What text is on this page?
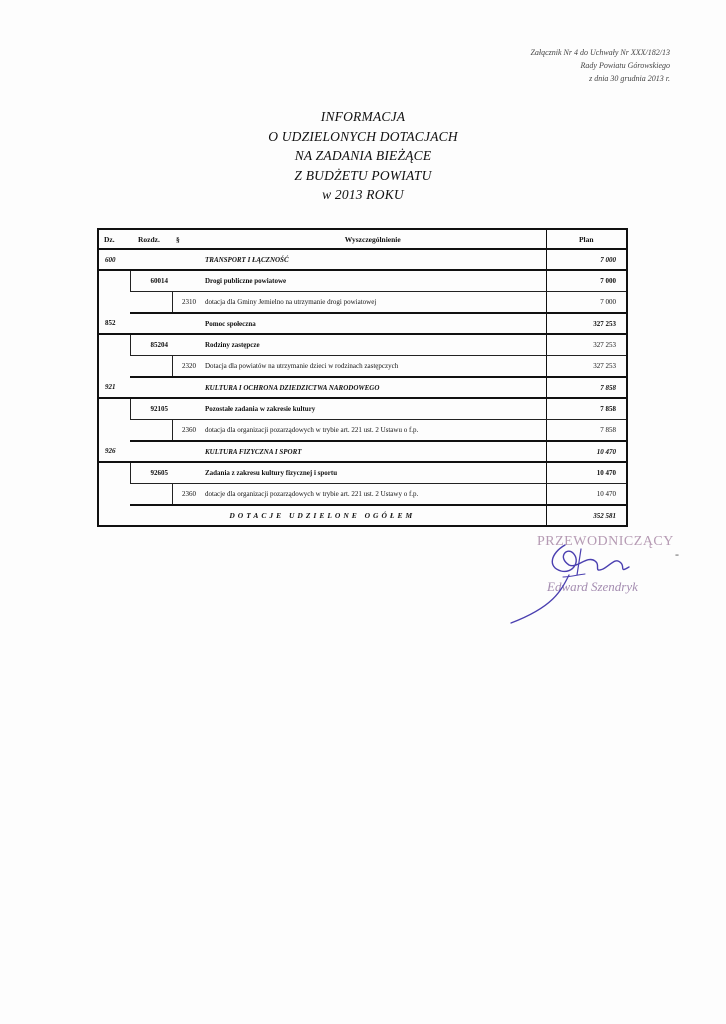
Załącznik Nr 4 do Uchwały Nr XXX/182/13
Rady Powiatu Górowskiego
z dnia 30 grudnia 2013 r.
INFORMACJA
O UDZIELONYCH DOTACJACH
NA ZADANIA BIEŻĄCE
Z BUDŻETU POWIATU
w 2013 ROKU
Dz.	Rozdz.	§	Wyszczególnienie	Plan
600			TRANSPORT I ŁĄCZNOŚĆ	7 000
	60014		Drogi publiczne powiatowe	7 000
		2310	dotacja dla Gminy Jemielno na utrzymanie drogi powiatowej	7 000
852			Pomoc społeczna	327 253
	85204		Rodziny zastępcze	327 253
		2320	Dotacja dla powiatów na utrzymanie dzieci w rodzinach zastępczych	327 253
921			KULTURA I OCHRONA DZIEDZICTWA NARODOWEGO	7 858
	92105		Pozostałe zadania w zakresie kultury	7 858
		2360	dotacja dla organizacji pozarządowych w trybie art. 221 ust. 2 Ustawu o f.p.	7 858
926			KULTURA FIZYCZNA I SPORT	10 470
	92605		Zadania z zakresu kultury fizycznej i sportu	10 470
		2360	dotacje dla organizacji pozarządowych w trybie art. 221 ust. 2 Ustawy o f.p.	10 470
DOTACJE UDZIELONE OGÓŁEM				352 581
PRZEWODNICZĄCY
Edward Szendryk
-
